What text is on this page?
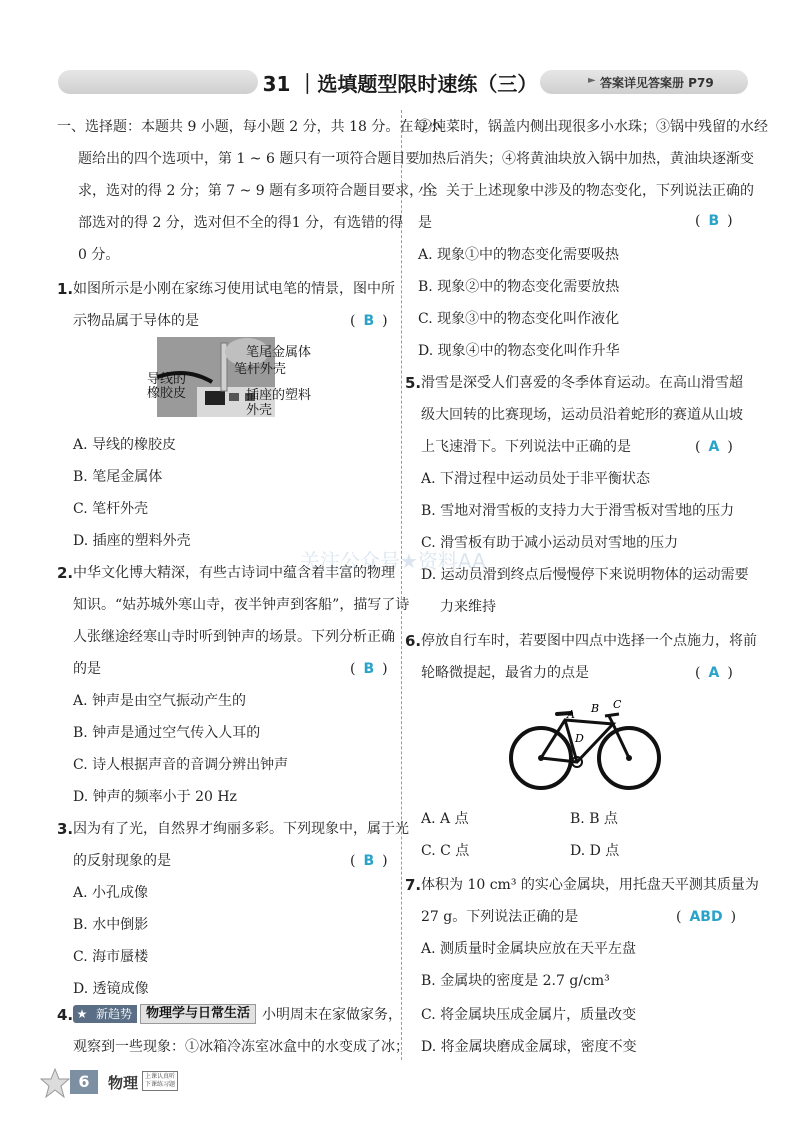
31 ｜选填题型限时速练（三）	► 答案详见答案册 P79
关注公众号★资料AA
一、选择题：本题共 9 小题，每小题 2 分，共 18 分。在每小
题给出的四个选项中，第 1 ~ 6 题只有一项符合题目要
求，选对的得 2 分；第 7 ~ 9 题有多项符合题目要求，全
部选对的得 2 分，选对但不全的得1 分，有选错的得
0 分。
1. 如图所示是小刚在家练习使用试电笔的情景，图中所
示物品属于导体的是	( B )
笔尾金属体
笔杆外壳
导线的
橡胶皮	插座的塑料
外壳
A. 导线的橡胶皮
B. 笔尾金属体
C. 笔杆外壳
D. 插座的塑料外壳
2. 中华文化博大精深，有些古诗词中蕴含着丰富的物理
知识。“姑苏城外寒山寺，夜半钟声到客船”，描写了诗
人张继途经寒山寺时听到钟声的场景。下列分析正确
的是	( B )
A. 钟声是由空气振动产生的
B. 钟声是通过空气传入人耳的
C. 诗人根据声音的音调分辨出钟声
D. 钟声的频率小于 20 Hz
3. 因为有了光，自然界才绚丽多彩。下列现象中，属于光
的反射现象的是	( B )
A. 小孔成像
B. 水中倒影
C. 海市蜃楼
D. 透镜成像
4. ★ 新趋势	物理学与日常生活 小明周末在家做家务，
观察到一些现象：①冰箱冷冻室冰盒中的水变成了冰；
②炖菜时，锅盖内侧出现很多小水珠；③锅中残留的水经
加热后消失；④将黄油块放入锅中加热，黄油块逐渐变
小。关于上述现象中涉及的物态变化，下列说法正确的
是	( B )
A. 现象①中的物态变化需要吸热
B. 现象②中的物态变化需要放热
C. 现象③中的物态变化叫作液化
D. 现象④中的物态变化叫作升华
5. 滑雪是深受人们喜爱的冬季体育运动。在高山滑雪超
级大回转的比赛现场，运动员沿着蛇形的赛道从山坡
上飞速滑下。下列说法中正确的是	( A )
A. 下滑过程中运动员处于非平衡状态
B. 雪地对滑雪板的支持力大于滑雪板对雪地的压力
C. 滑雪板有助于减小运动员对雪地的压力
D. 运动员滑到终点后慢慢停下来说明物体的运动需要
力来维持
6. 停放自行车时，若要图中四点中选择一个点施力，将前
轮略微提起，最省力的点是	( A )
A B C
D
A. A 点	B. B 点
C. C 点	D. D 点
7. 体积为 10 cm³ 的实心金属块，用托盘天平测其质量为
27 g。下列说法正确的是	( ABD )
A. 测质量时金属块应放在天平左盘
B. 金属块的密度是 2.7 g/cm³
C. 将金属块压成金属片，质量改变
D. 将金属块磨成金属球，密度不变
6	物理 上课认真听
下课练习题
